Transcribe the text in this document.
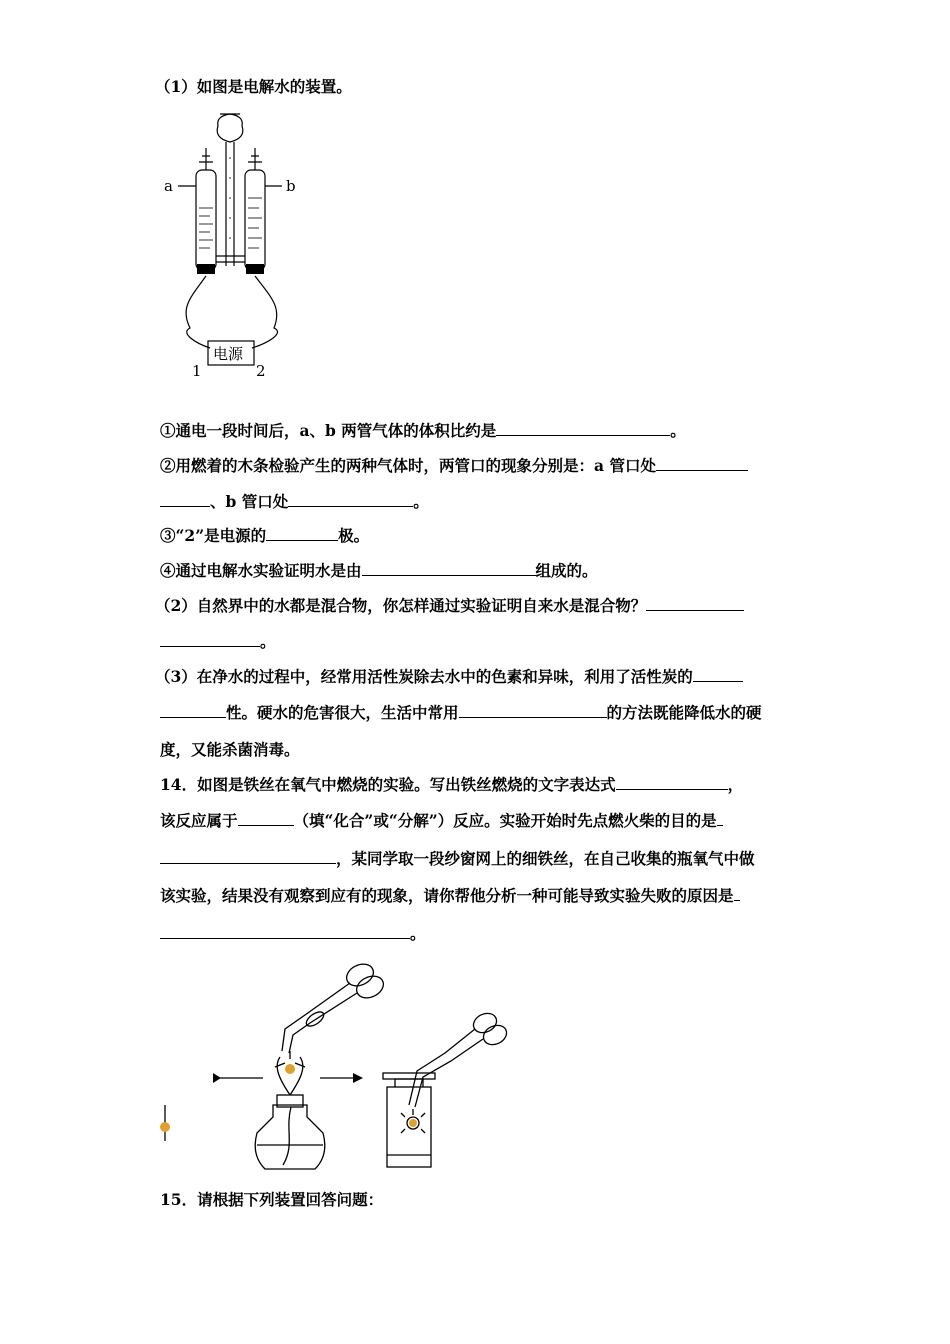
（1）如图是电解水的装置。
a	b
电源
1	2
①通电一段时间后，a、b 两管气体的体积比约是	。
②用燃着的木条检验产生的两种气体时，两管口的现象分别是：a 管口处
、b 管口处	。
③“2”是电源的	极。
④通过电解水实验证明水是由	组成的。
（2）自然界中的水都是混合物，你怎样通过实验证明自来水是混合物？
。
（3）在净水的过程中，经常用活性炭除去水中的色素和异味，利用了活性炭的
性。硬水的危害很大，生活中常用	的方法既能降低水的硬
度，又能杀菌消毒。
14．如图是铁丝在氧气中燃烧的实验。写出铁丝燃烧的文字表达式	，
该反应属于	（填“化合”或“分解”）反应。实验开始时先点燃火柴的目的是
，某同学取一段纱窗网上的细铁丝，在自己收集的瓶氧气中做
该实验，结果没有观察到应有的现象，请你帮他分析一种可能导致实验失败的原因是
。
15．请根据下列装置回答问题：
